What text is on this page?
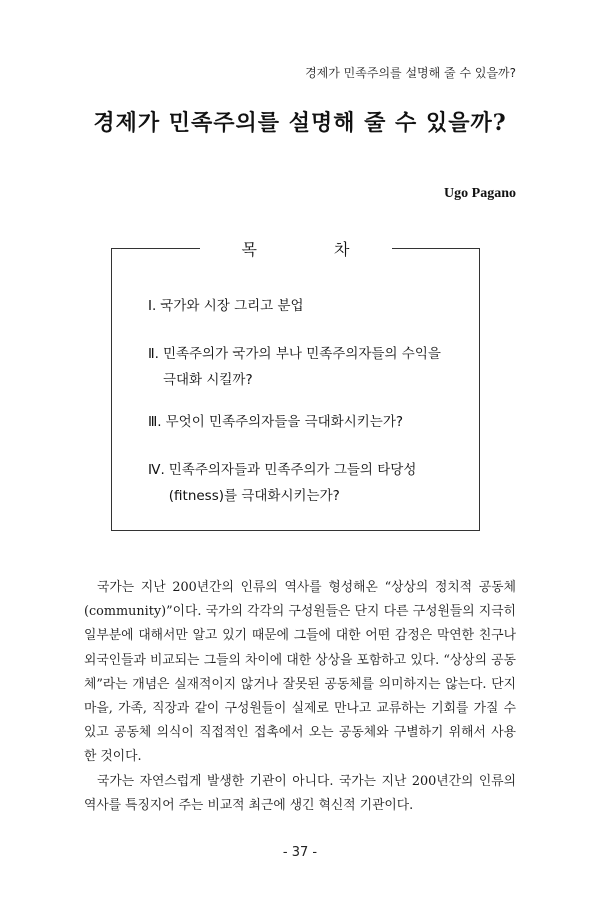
경제가 민족주의를 설명해 줄 수 있을까?
경제가 민족주의를 설명해 줄 수 있을까?
Ugo Pagano
목 차
Ⅰ. 국가와 시장 그리고 분업
Ⅱ. 민족주의가 국가의 부나 민족주의자들의 수익을 극대화 시킬까?
Ⅲ. 무엇이 민족주의자들을 극대화시키는가?
Ⅳ. 민족주의자들과 민족주의가 그들의 타당성 (fitness)를 극대화시키는가?

국가는 지난 200년간의 인류의 역사를 형성해온 “상상의 정치적 공동체(community)”이다. 국가의 각각의 구성원들은 단지 다른 구성원들의 지극히 일부분에 대해서만 알고 있기 때문에 그들에 대한 어떤 감정은 막연한 친구나 외국인들과 비교되는 그들의 차이에 대한 상상을 포함하고 있다. “상상의 공동체”라는 개념은 실재적이지 않거나 잘못된 공동체를 의미하지는 않는다. 단지 마을, 가족, 직장과 같이 구성원들이 실제로 만나고 교류하는 기회를 가질 수 있고 공동체 의식이 직접적인 접촉에서 오는 공동체와 구별하기 위해서 사용한 것이다.

국가는 자연스럽게 발생한 기관이 아니다. 국가는 지난 200년간의 인류의 역사를 특징지어 주는 비교적 최근에 생긴 혁신적 기관이다.

- 37 -
